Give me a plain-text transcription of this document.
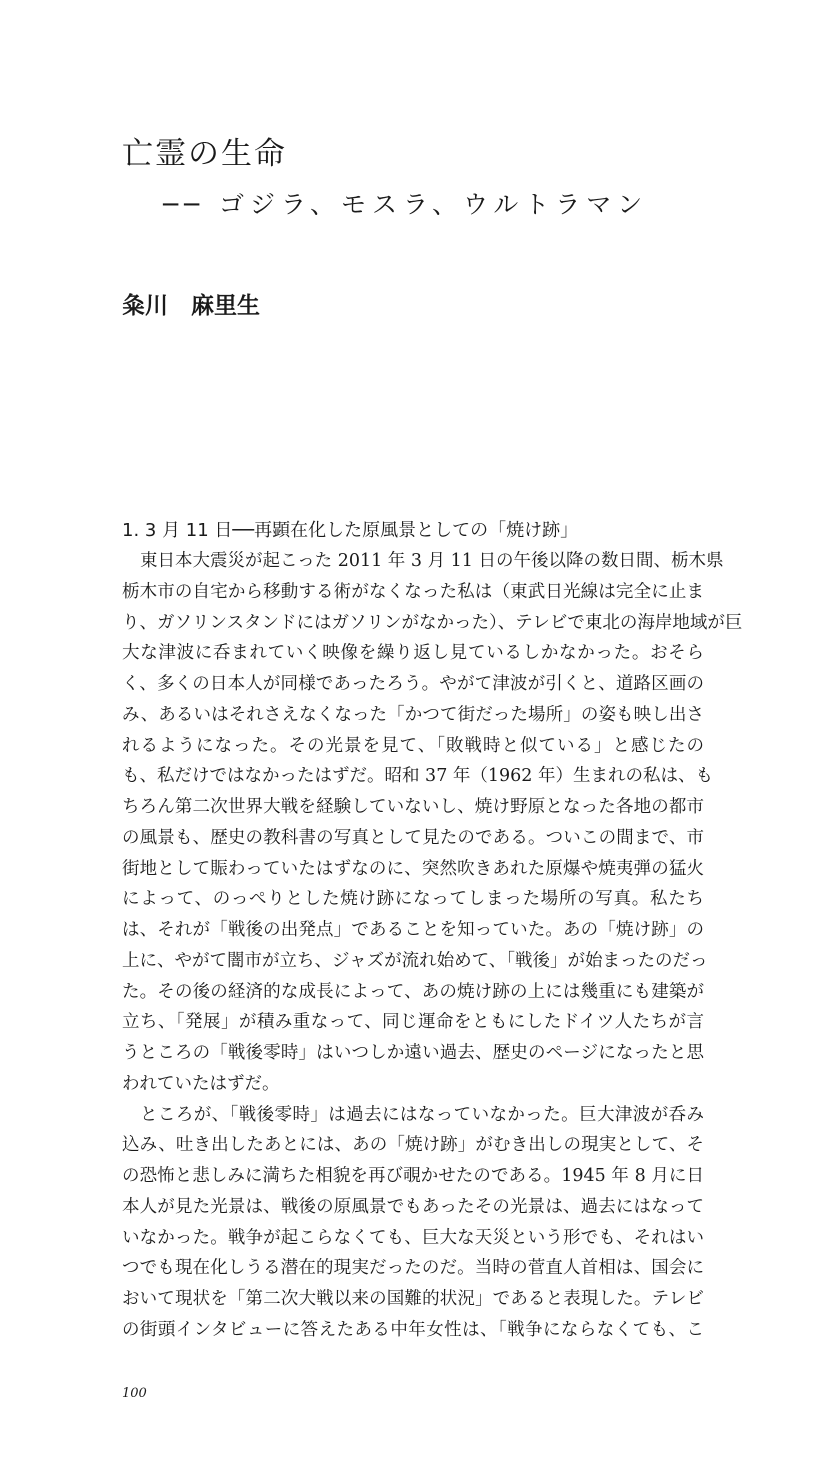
亡霊の生命
── ゴジラ、モスラ、ウルトラマン

粂川　麻里生

1. 3 月 11 日──再顕在化した原風景としての「焼け跡」
東日本大震災が起こった 2011 年 3 月 11 日の午後以降の数日間、栃木県
栃木市の自宅から移動する術がなくなった私は（東武日光線は完全に止ま
り、ガソリンスタンドにはガソリンがなかった）、テレビで東北の海岸地域が巨
大な津波に呑まれていく映像を繰り返し見ているしかなかった。おそら
く、多くの日本人が同様であったろう。やがて津波が引くと、道路区画の
み、あるいはそれさえなくなった「かつて街だった場所」の姿も映し出さ
れるようになった。その光景を見て、「敗戦時と似ている」と感じたの
も、私だけではなかったはずだ。昭和 37 年（1962 年）生まれの私は、も
ちろん第二次世界大戦を経験していないし、焼け野原となった各地の都市
の風景も、歴史の教科書の写真として見たのである。ついこの間まで、市
街地として賑わっていたはずなのに、突然吹きあれた原爆や焼夷弾の猛火
によって、のっぺりとした焼け跡になってしまった場所の写真。私たち
は、それが「戦後の出発点」であることを知っていた。あの「焼け跡」の
上に、やがて闇市が立ち、ジャズが流れ始めて、「戦後」が始まったのだっ
た。その後の経済的な成長によって、あの焼け跡の上には幾重にも建築が
立ち、「発展」が積み重なって、同じ運命をともにしたドイツ人たちが言
うところの「戦後零時」はいつしか遠い過去、歴史のページになったと思
われていたはずだ。
ところが、「戦後零時」は過去にはなっていなかった。巨大津波が呑み
込み、吐き出したあとには、あの「焼け跡」がむき出しの現実として、そ
の恐怖と悲しみに満ちた相貌を再び覗かせたのである。1945 年 8 月に日
本人が見た光景は、戦後の原風景でもあったその光景は、過去にはなって
いなかった。戦争が起こらなくても、巨大な天災という形でも、それはい
つでも現在化しうる潜在的現実だったのだ。当時の菅直人首相は、国会に
おいて現状を「第二次大戦以来の国難的状況」であると表現した。テレビ
の街頭インタビューに答えたある中年女性は、「戦争にならなくても、こ
100
